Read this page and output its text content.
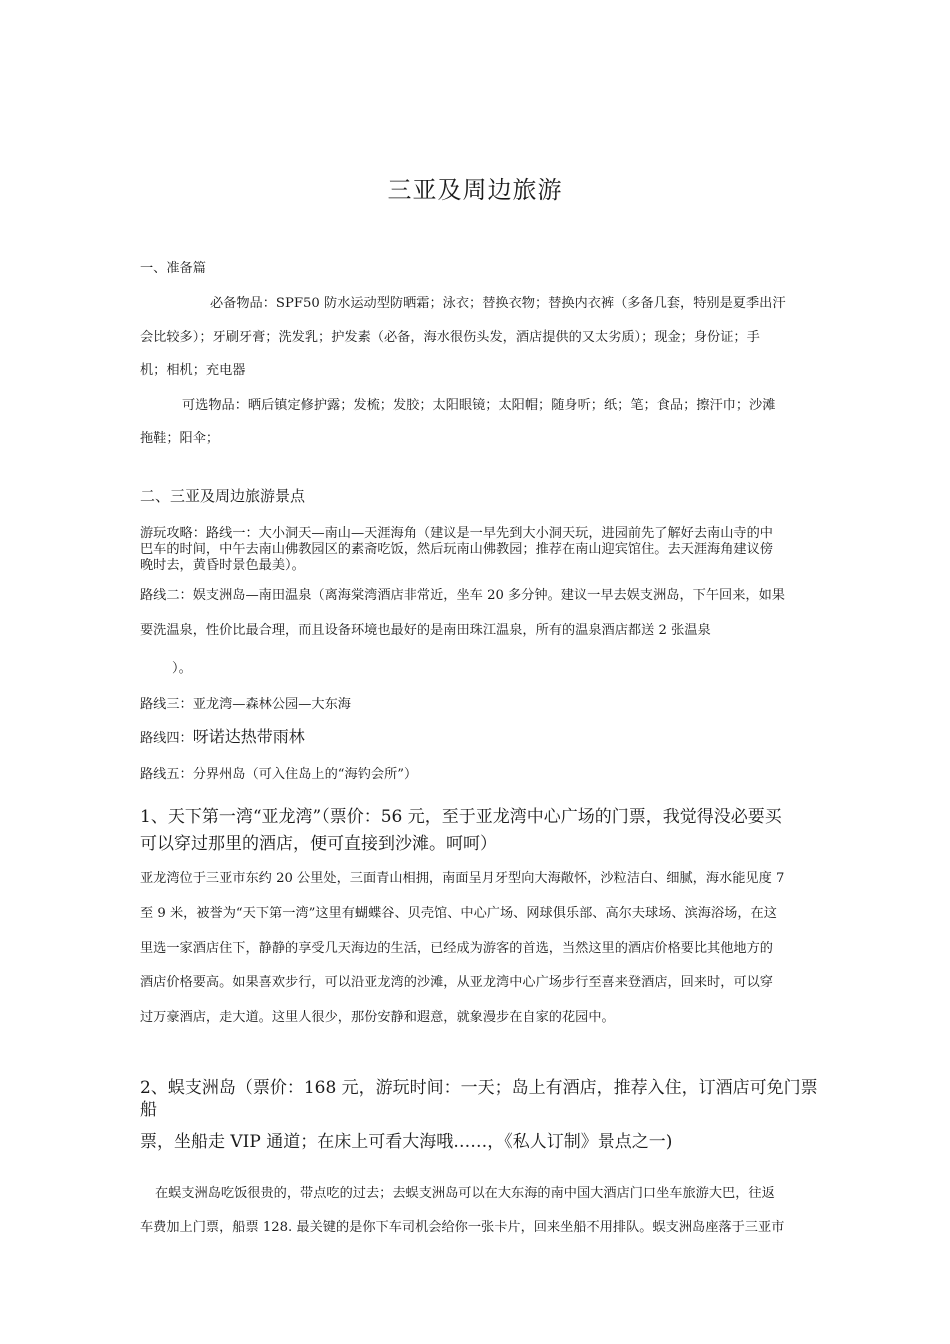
三亚及周边旅游
一、准备篇
必备物品：SPF50 防水运动型防晒霜；泳衣；替换衣物；替换内衣裤（多备几套，特别是夏季出汗
会比较多）；牙刷牙膏；洗发乳；护发素（必备，海水很伤头发，酒店提供的又太劣质）；现金；身份证；手
机；相机；充电器
可选物品：晒后镇定修护露；发梳；发胶；太阳眼镜；太阳帽；随身听；纸；笔；食品；擦汗巾；沙滩
拖鞋；阳伞；
二、三亚及周边旅游景点
游玩攻略：路线一：大小洞天—南山—天涯海角（建议是一早先到大小洞天玩，进园前先了解好去南山寺的中
巴车的时间，中午去南山佛教园区的素斋吃饭，然后玩南山佛教园；推荐在南山迎宾馆住。去天涯海角建议傍
晚时去，黄昏时景色最美）。
路线二：娱支洲岛—南田温泉（离海棠湾酒店非常近，坐车 20 多分钟。建议一早去娱支洲岛，下午回来，如果
要洗温泉，性价比最合理，而且设备环境也最好的是南田珠江温泉，所有的温泉酒店都送 2 张温泉
）。
路线三：亚龙湾—森林公园—大东海
路线四：呀诺达热带雨林
路线五：分界州岛（可入住岛上的“海钓会所”）
1、天下第一湾“亚龙湾”（票价：56 元，至于亚龙湾中心广场的门票，我觉得没必要买
可以穿过那里的酒店，便可直接到沙滩。呵呵）
亚龙湾位于三亚市东约 20 公里处，三面青山相拥，南面呈月牙型向大海敞怀，沙粒洁白、细腻，海水能见度 7
至 9 米，被誉为“天下第一湾”这里有蝴蝶谷、贝壳馆、中心广场、网球俱乐部、高尔夫球场、滨海浴场，在这
里选一家酒店住下，静静的享受几天海边的生活，已经成为游客的首选，当然这里的酒店价格要比其他地方的
酒店价格要高。如果喜欢步行，可以沿亚龙湾的沙滩，从亚龙湾中心广场步行至喜来登酒店，回来时，可以穿
过万豪酒店，走大道。这里人很少，那份安静和遐意，就象漫步在自家的花园中。
2、蜈支洲岛（票价：168 元，游玩时间：一天；岛上有酒店，推荐入住，订酒店可免门票
船
票，坐船走 VIP 通道；在床上可看大海哦……，《私人订制》景点之一)
在蜈支洲岛吃饭很贵的，带点吃的过去；去蜈支洲岛可以在大东海的南中国大酒店门口坐车旅游大巴，往返
车费加上门票，船票 128. 最关键的是你下车司机会给你一张卡片，回来坐船不用排队。蜈支洲岛座落于三亚市
